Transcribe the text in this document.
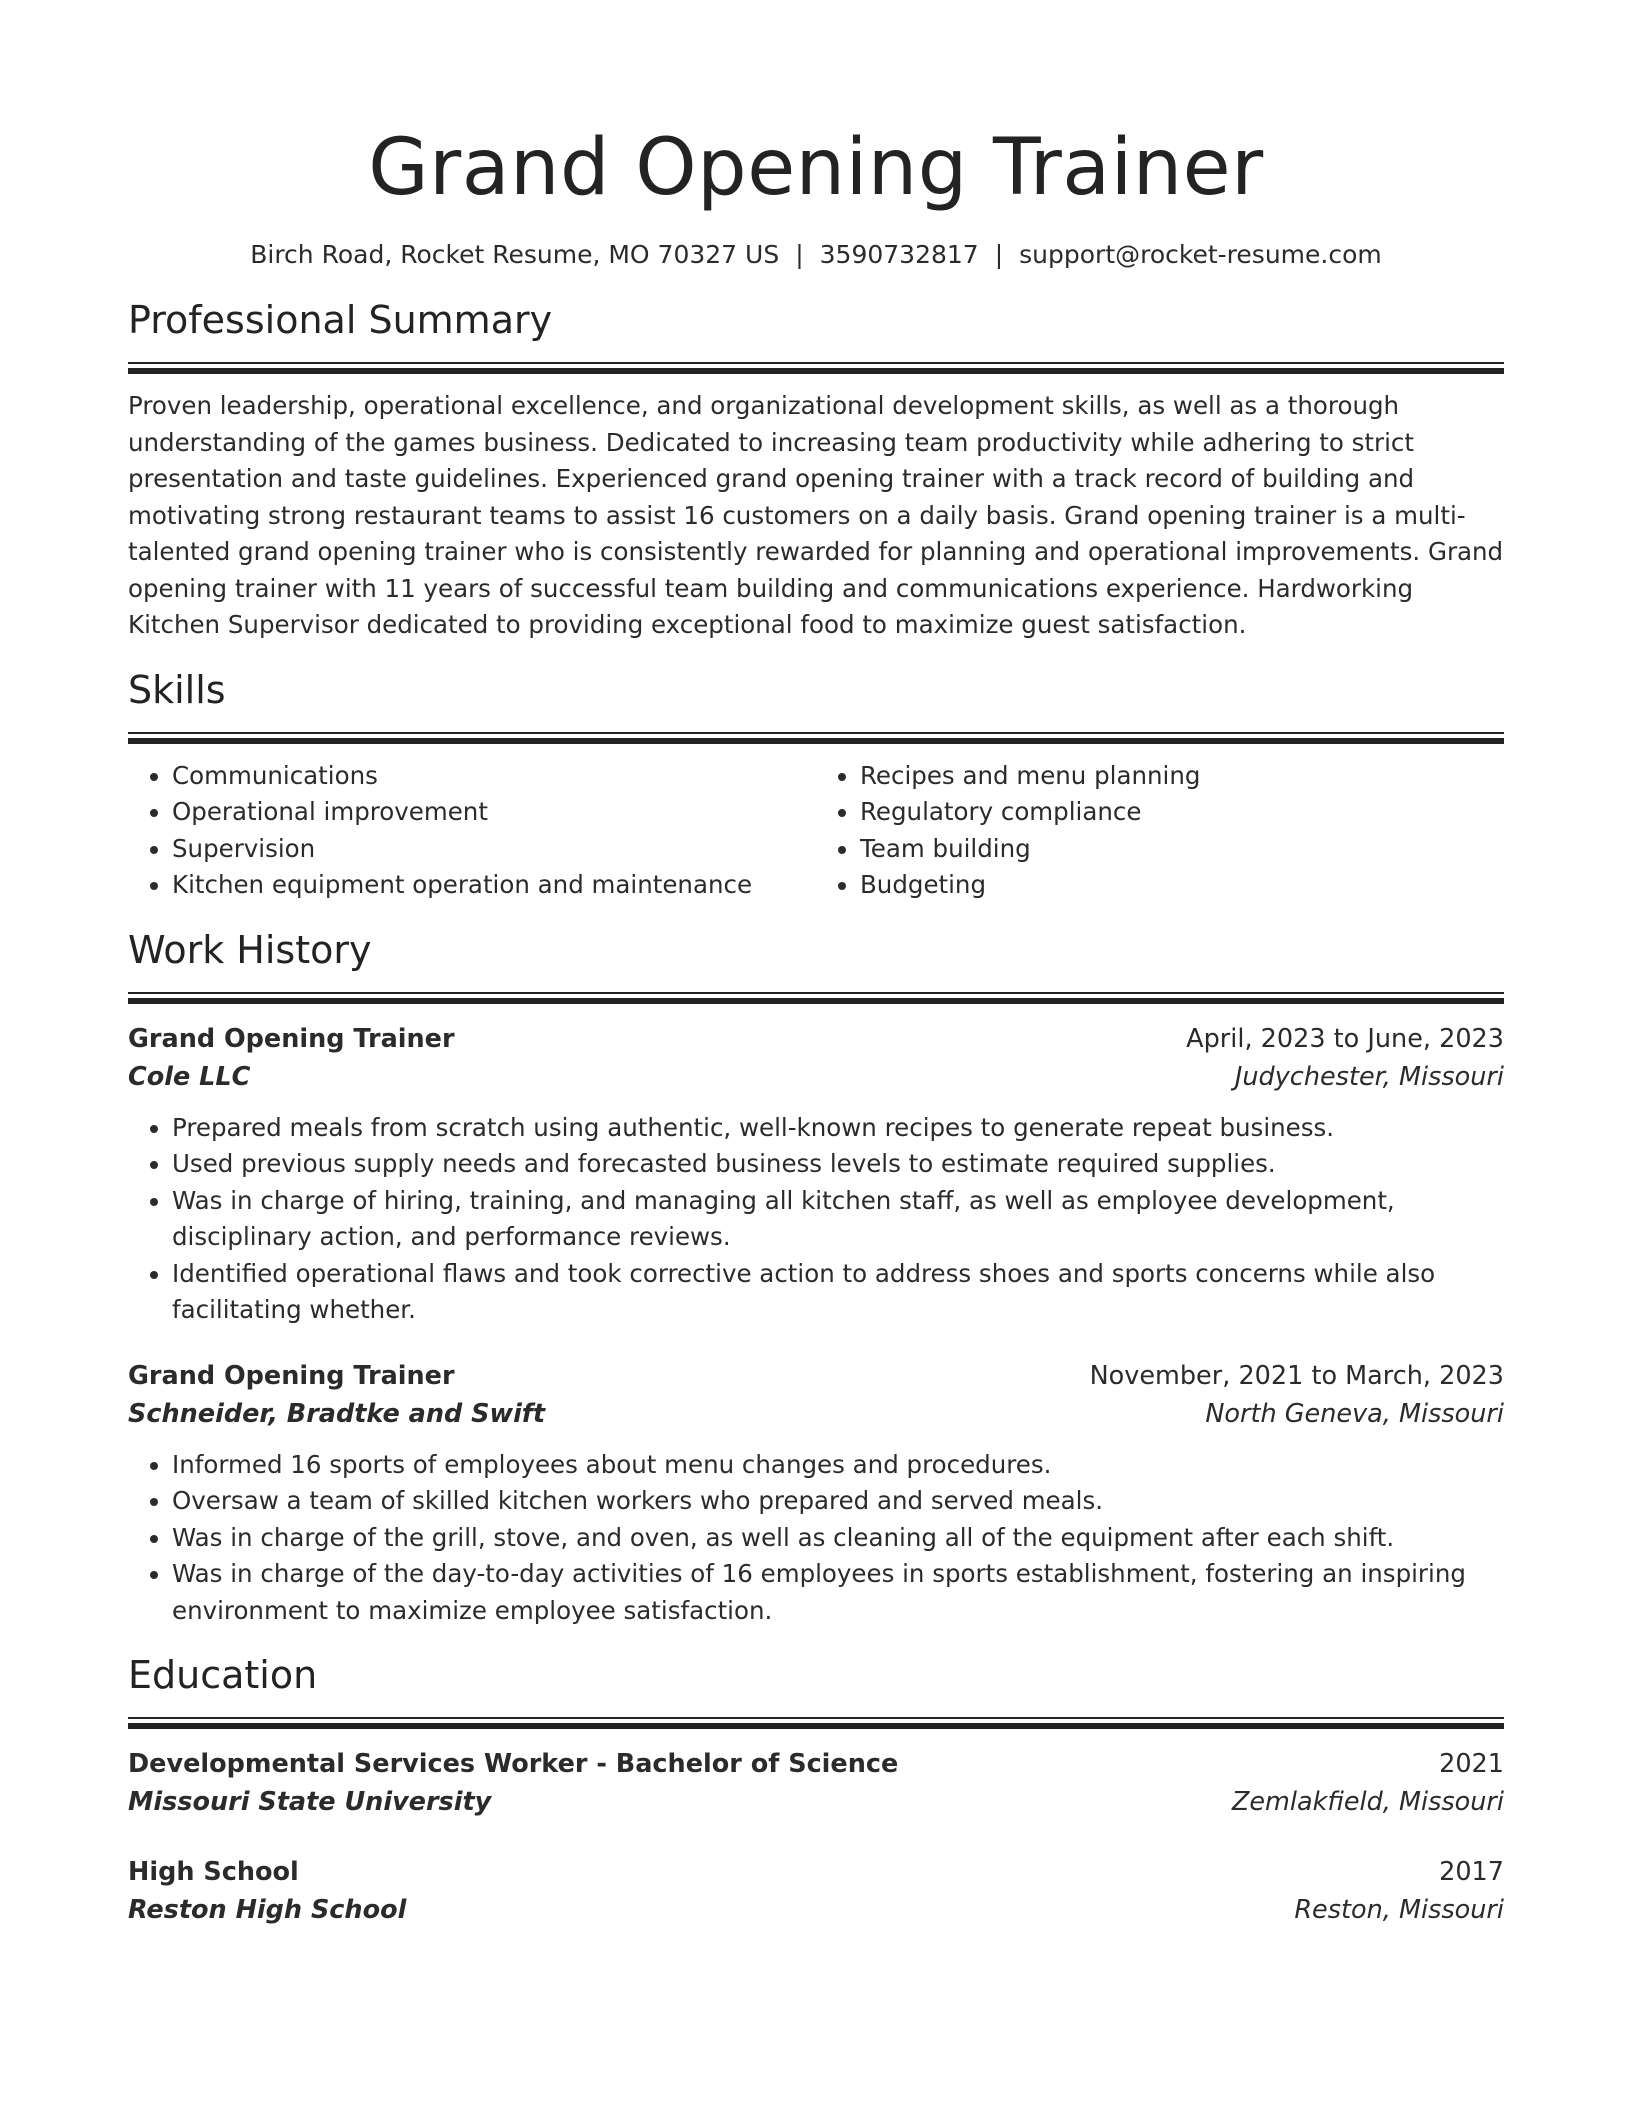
Grand Opening Trainer
Birch Road, Rocket Resume, MO 70327 US | 3590732817 | support@rocket-resume.com
Professional Summary
Proven leadership, operational excellence, and organizational development skills, as well as a thorough understanding of the games business. Dedicated to increasing team productivity while adhering to strict presentation and taste guidelines. Experienced grand opening trainer with a track record of building and motivating strong restaurant teams to assist 16 customers on a daily basis. Grand opening trainer is a multi-talented grand opening trainer who is consistently rewarded for planning and operational improvements. Grand opening trainer with 11 years of successful team building and communications experience. Hardworking Kitchen Supervisor dedicated to providing exceptional food to maximize guest satisfaction.
Skills
• Communications
• Operational improvement
• Supervision
• Kitchen equipment operation and maintenance
• Recipes and menu planning
• Regulatory compliance
• Team building
• Budgeting
Work History
Grand Opening Trainer	April, 2023 to June, 2023
Cole LLC	Judychester, Missouri
• Prepared meals from scratch using authentic, well-known recipes to generate repeat business.
• Used previous supply needs and forecasted business levels to estimate required supplies.
• Was in charge of hiring, training, and managing all kitchen staff, as well as employee development, disciplinary action, and performance reviews.
• Identified operational flaws and took corrective action to address shoes and sports concerns while also facilitating whether.
Grand Opening Trainer	November, 2021 to March, 2023
Schneider, Bradtke and Swift	North Geneva, Missouri
• Informed 16 sports of employees about menu changes and procedures.
• Oversaw a team of skilled kitchen workers who prepared and served meals.
• Was in charge of the grill, stove, and oven, as well as cleaning all of the equipment after each shift.
• Was in charge of the day-to-day activities of 16 employees in sports establishment, fostering an inspiring environment to maximize employee satisfaction.
Education
Developmental Services Worker - Bachelor of Science	2021
Missouri State University	Zemlakfield, Missouri
High School	2017
Reston High School	Reston, Missouri
